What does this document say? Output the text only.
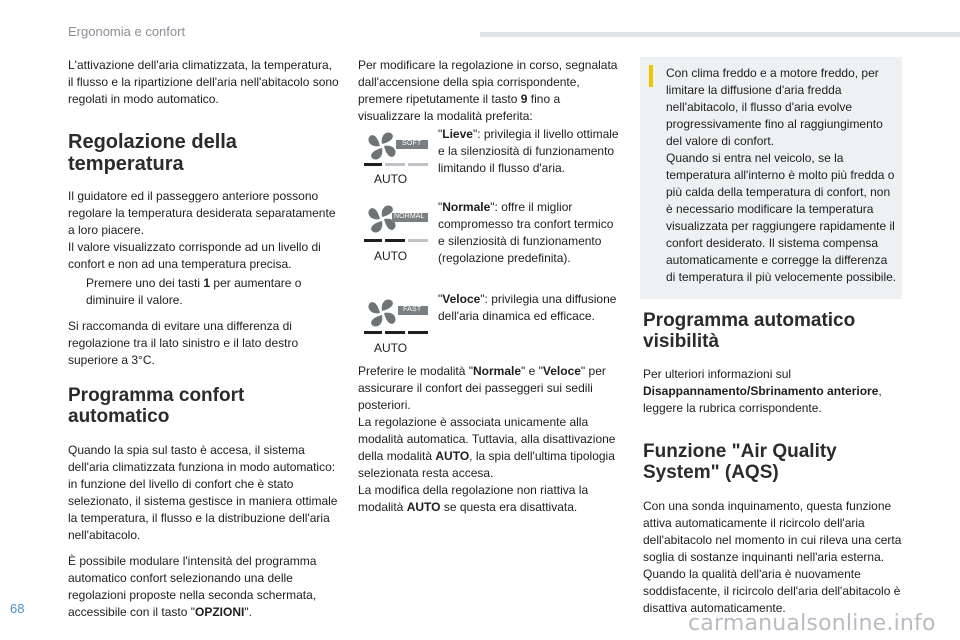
Ergonomia e confort

L'attivazione dell'aria climatizzata, la temperatura, il flusso e la ripartizione dell'aria nell'abitacolo sono regolati in modo automatico.

Regolazione della temperatura

Il guidatore ed il passeggero anteriore possono regolare la temperatura desiderata separatamente a loro piacere.

Il valore visualizzato corrisponde ad un livello di confort e non ad una temperatura precisa.

Premere uno dei tasti 1 per aumentare o diminuire il valore.

Si raccomanda di evitare una differenza di regolazione tra il lato sinistro e il lato destro superiore a 3°C.

Programma confort
automatico

Quando la spia sul tasto è accesa, il sistema dell'aria climatizzata funziona in modo automatico: in funzione del livello di confort che è stato selezionato, il sistema gestisce in maniera ottimale la temperatura, il flusso e la distribuzione dell'aria nell'abitacolo.

È possibile modulare l'intensità del programma automatico confort selezionando una delle regolazioni proposte nella seconda schermata, accessibile con il tasto "OPZIONI".

Per modificare la regolazione in corso, segnalata dall'accensione della spia corrispondente, premere ripetutamente il tasto 9 fino a visualizzare la modalità preferita:

SOFT
AUTO

"Lieve": privilegia il livello ottimale e la silenziosità di funzionamento limitando il flusso d'aria.

NORMAL
AUTO

"Normale": offre il miglior compromesso tra confort termico e silenziosità di funzionamento (regolazione predefinita).

FAST
AUTO

"Veloce": privilegia una diffusione dell'aria dinamica ed efficace.

Preferire le modalità "Normale" e "Veloce" per assicurare il confort dei passeggeri sui sedili posteriori.

La regolazione è associata unicamente alla modalità automatica. Tuttavia, alla disattivazione della modalità AUTO, la spia dell'ultima tipologia selezionata resta accesa.

La modifica della regolazione non riattiva la modalità AUTO se questa era disattivata.

Con clima freddo e a motore freddo, per limitare la diffusione d'aria fredda nell'abitacolo, il flusso d'aria evolve progressivamente fino al raggiungimento del valore di confort.

Quando si entra nel veicolo, se la temperatura all'interno è molto più fredda o più calda della temperatura di confort, non è necessario modificare la temperatura visualizzata per raggiungere rapidamente il confort desiderato. Il sistema compensa automaticamente e corregge la differenza di temperatura il più velocemente possibile.

Programma automatico
visibilità

Per ulteriori informazioni sul Disappannamento/Sbrinamento anteriore, leggere la rubrica corrispondente.

Funzione "Air Quality
System" (AQS)

Con una sonda inquinamento, questa funzione attiva automaticamente il ricircolo dell'aria dell'abitacolo nel momento in cui rileva una certa soglia di sostanze inquinanti nell'aria esterna.

Quando la qualità dell'aria è nuovamente soddisfacente, il ricircolo dell'aria dell'abitacolo è disattiva automaticamente.

68
carmanualsonline.info
